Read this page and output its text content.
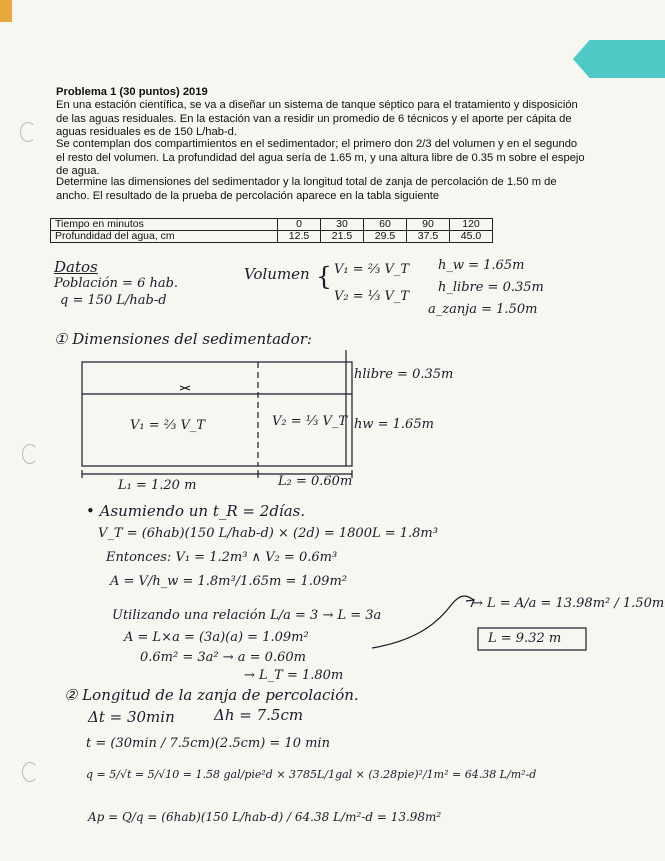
Problema 1 (30 puntos) 2019
En una estación científica, se va a diseñar un sistema de tanque séptico para el tratamiento y disposición de las aguas residuales. En la estación van a residir un promedio de 6 técnicos y el aporte per cápita de aguas residuales es de 150 L/hab-d.
Se contemplan dos compartimientos en el sedimentador; el primero don 2/3 del volumen y en el segundo el resto del volumen. La profundidad del agua sería de 1.65 m, y una altura libre de 0.35 m sobre el espejo de agua.
Determine las dimensiones del sedimentador y la longitud total de zanja de percolación de 1.50 m de ancho. El resultado de la prueba de percolación aparece en la tabla siguiente
Tiempo en minutos	0	30	60	90	120
Profundidad del agua, cm	12.5	21.5	29.5	37.5	45.0
Datos
Población = 6 hab.
q = 150 L/hab-d
Volumen { V₁ = ⅔ V_T
V₂ = ⅓ V_T
h_w = 1.65m
h_libre = 0.35m
a_zanja = 1.50m
① Dimensiones del sedimentador:
hlibre = 0.35m
hw = 1.65m
V₁ = ⅔ V_T	V₂ = ⅓ V_T
L₁ = 1.20 m	L₂ = 0.60m
• Asumiendo un t_R = 2días.
V_T = (6hab)(150 L/hab-d) × (2d) = 1800L = 1.8m³
Entonces: V₁ = 1.2m³ ∧ V₂ = 0.6m³
A = V/h_w = 1.8m³/1.65m = 1.09m²
Utilizando una relación L/a = 3 → L = 3a
A = L×a = (3a)(a) = 1.09m²
0.6m² = 3a² → a = 0.60m
→ L_T = 1.80m
→ L = A/a = 13.98m² / 1.50m
L = 9.32 m
② Longitud de la zanja de percolación.
Δt = 30min	Δh = 7.5cm
t = (30min / 7.5cm)(2.5cm) = 10 min
q = 5/√t = 5/√10 = 1.58 gal/pie²d × 3785L/1gal × (3.28pie)²/1m² = 64.38 L/m²-d
Ap = Q/q = (6hab)(150 L/hab-d) / 64.38 L/m²-d = 13.98m²
